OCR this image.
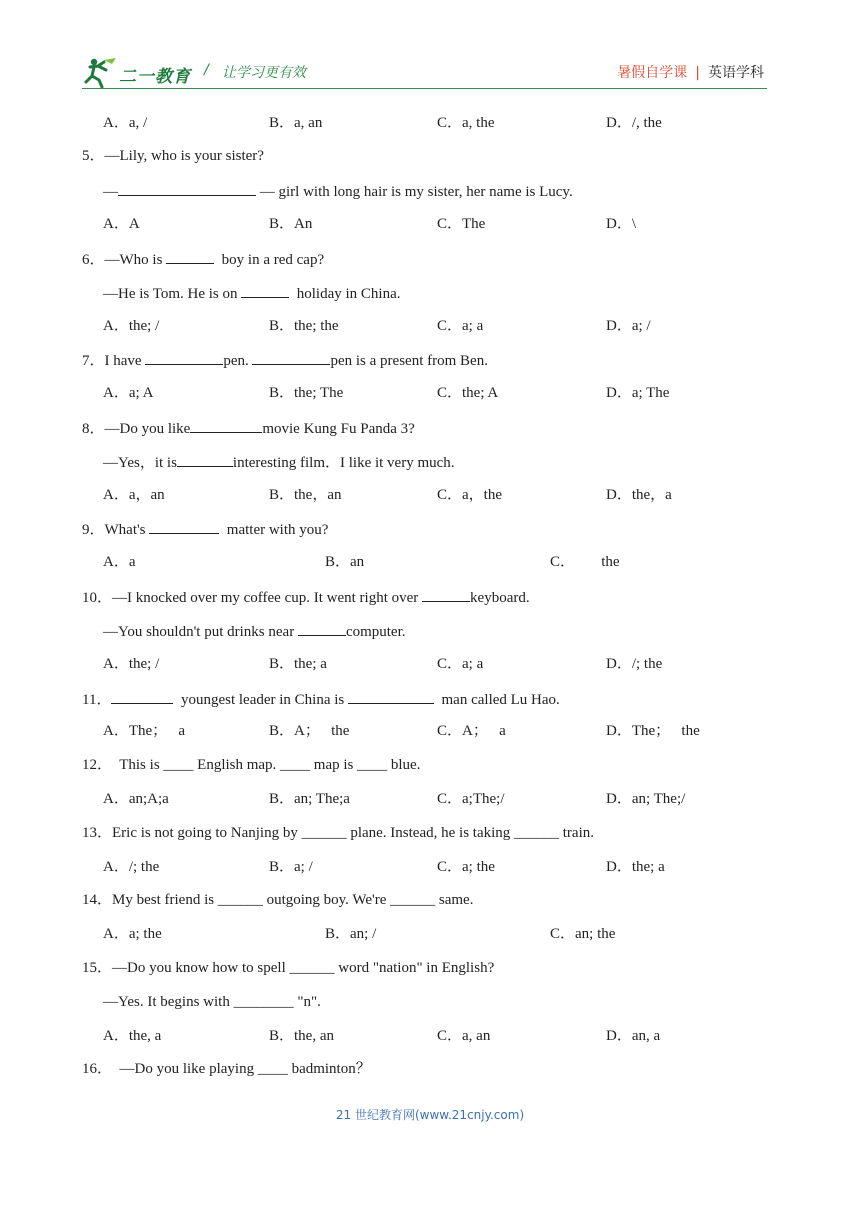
二一教育 / 让学习更有效	暑假自学课 | 英语学科
A．a, /	B．a, an	C．a, the	D．/, the
5．—Lily, who is your sister?
—	— girl with long hair is my sister, her name is Lucy.
A．A	B．An	C．The	D．\
6．—Who is	boy in a red cap?
—He is Tom. He is on	holiday in China.
A．the; /	B．the; the	C．a; a	D．a; /
7．I have	pen.	pen is a present from Ben.
A．a; A	B．the; The	C．the; A	D．a; The
8．—Do you like	movie Kung Fu Panda 3?
—Yes，it is	interesting film．I like it very much.
A．a，an	B．the，an	C．a，the	D．the，a
9．What's	matter with you?
A．a	B．an	C．       the
10．—I knocked over my coffee cup. It went right over	keyboard.
—You shouldn't put drinks near	computer.
A．the; /	B．the; a	C．a; a	D．/; the
11．	youngest leader in China is	man called Lu Hao.
A．The；   a	B．A；   the	C．A；   a	D．The；   the
12．  This is ____ English map. ____ map is ____ blue.
A．an;A;a	B．an; The;a	C．a;The;/	D．an; The;/
13．Eric is not going to Nanjing by ______ plane. Instead, he is taking ______ train.
A．/; the	B．a; /	C．a; the	D．the; a
14．My best friend is ______ outgoing boy. We're ______ same.
A．a; the	B．an; /	C．an; the
15．—Do you know how to spell ______ word "nation" in English?
—Yes. It begins with ________ "n".
A．the, a	B．the, an	C．a, an	D．an, a
16．  —Do you like playing ____ badminton？
21 世纪教育网(www.21cnjy.com)
